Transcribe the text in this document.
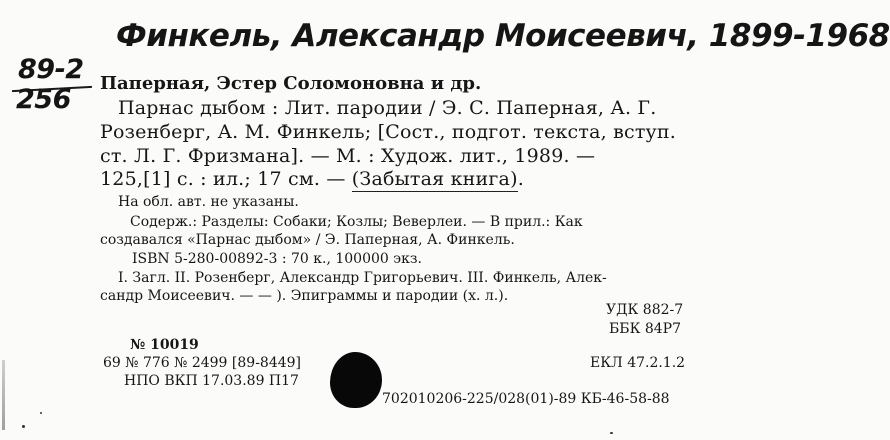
Финкель, Александр Моисеевич, 1899-1968
89-2
256
Паперная, Эстер Соломоновна и др.
Парнас дыбом : Лит. пародии / Э. С. Паперная, А. Г.
Розенберг, А. М. Финкель; [Сост., подгот. текста, вступ.
ст. Л. Г. Фризмана]. — М. : Худож. лит., 1989. —
125,[1] с. : ил.; 17 см. — (Забытая книга).
На обл. авт. не указаны.
Содерж.: Разделы: Собаки; Козлы; Веверлеи. — В прил.: Как
создавался «Парнас дыбом» / Э. Паперная, А. Финкель.
ISBN 5-280-00892-3 : 70 к., 100000 экз.
I. Загл. II. Розенберг, Александр Григорьевич. III. Финкель, Алек-
сандр Моисеевич. — — ). Эпиграммы и пародии (х. л.).
УДК 882-7
ББК 84Р7
№ 10019
69 № 776 № 2499 [89-8449]	ЕКЛ 47.2.1.2
НПО ВКП 17.03.89 П17
702010206-225/028(01)-89 КБ-46-58-88
